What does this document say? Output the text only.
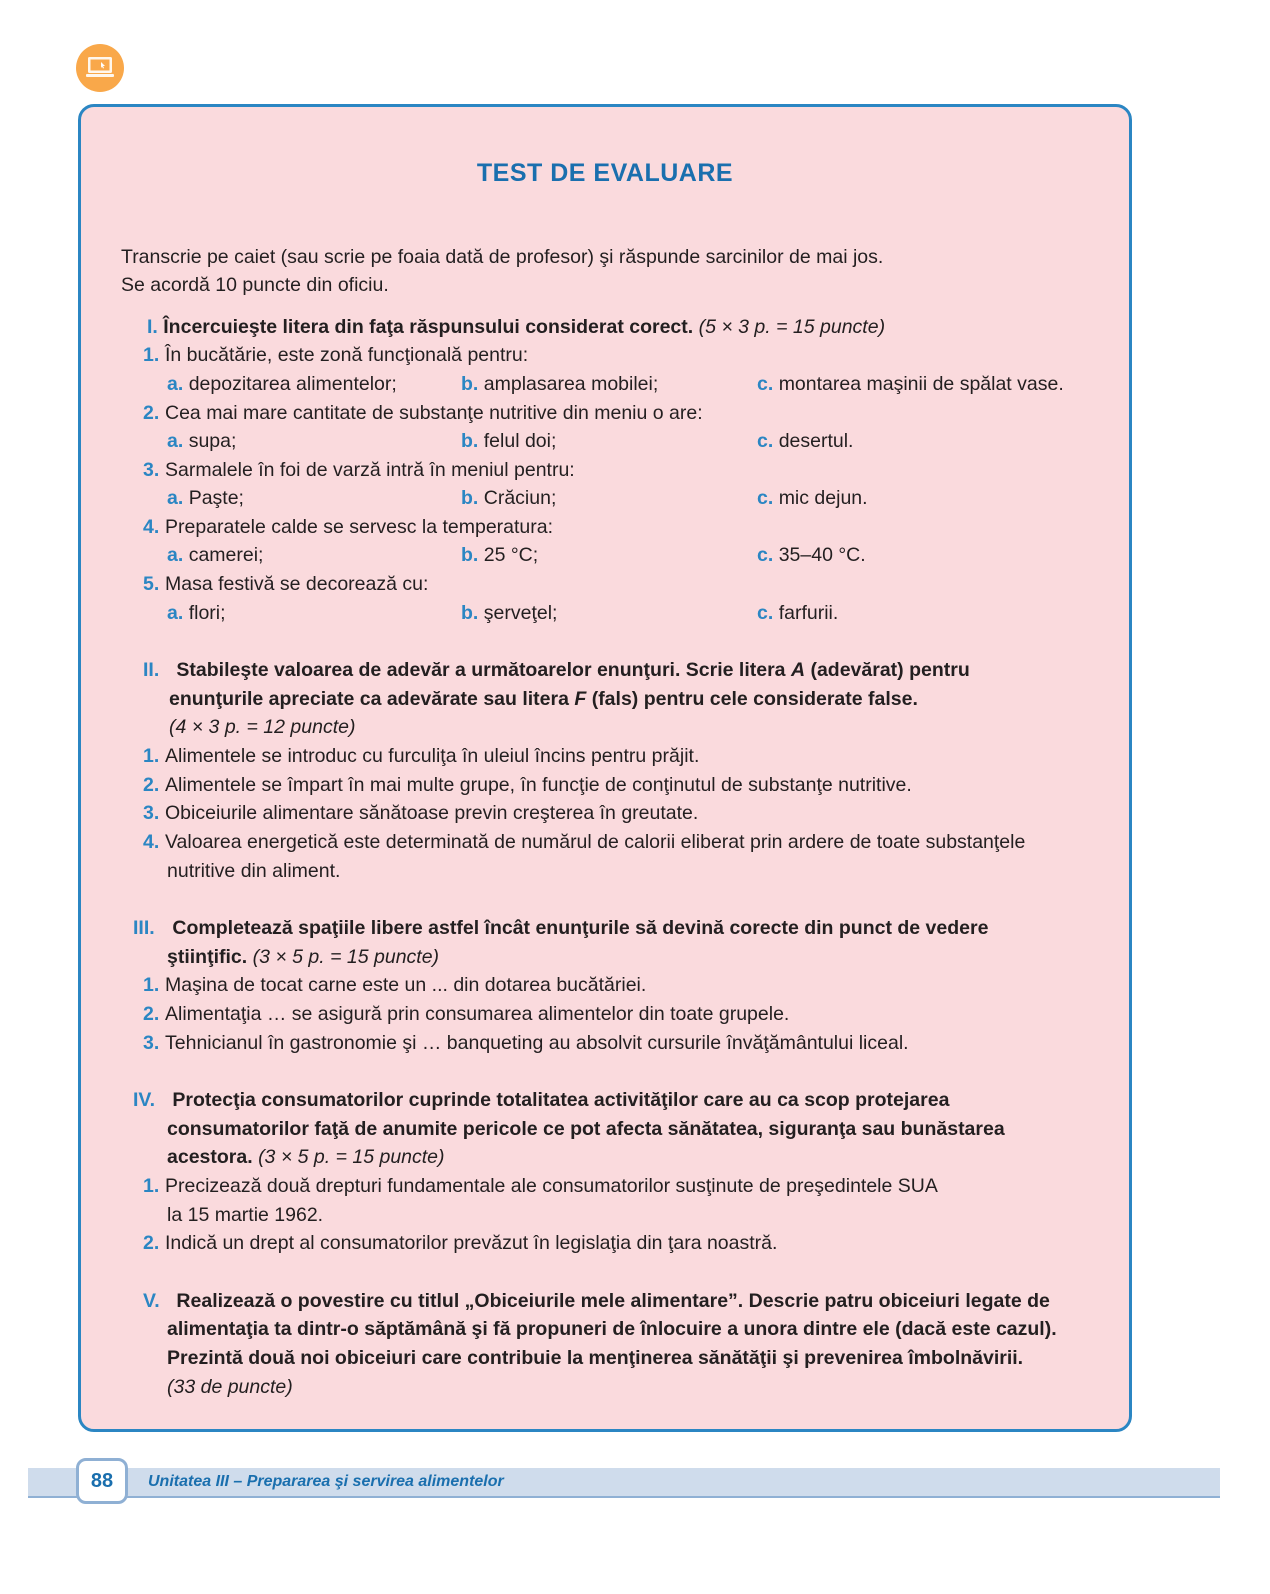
TEST DE EVALUARE
Transcrie pe caiet (sau scrie pe foaia dată de profesor) şi răspunde sarcinilor de mai jos.
Se acordă 10 puncte din oficiu.
I. Încercuieşte litera din faţa răspunsului considerat corect. (5 × 3 p. = 15 puncte)
1. În bucătărie, este zonă funcţională pentru:
a. depozitarea alimentelor;	b. amplasarea mobilei;	c. montarea maşinii de spălat vase.
2. Cea mai mare cantitate de substanţe nutritive din meniu o are:
a. supa;	b. felul doi;	c. desertul.
3. Sarmalele în foi de varză intră în meniul pentru:
a. Paşte;	b. Crăciun;	c. mic dejun.
4. Preparatele calde se servesc la temperatura:
a. camerei;	b. 25 °C;	c. 35–40 °C.
5. Masa festivă se decorează cu:
a. flori;	b. şerveţel;	c. farfurii.
II. Stabileşte valoarea de adevăr a următoarelor enunţuri. Scrie litera A (adevărat) pentru
enunţurile apreciate ca adevărate sau litera F (fals) pentru cele considerate false.
(4 × 3 p. = 12 puncte)
1. Alimentele se introduc cu furculiţa în uleiul încins pentru prăjit.
2. Alimentele se împart în mai multe grupe, în funcţie de conţinutul de substanţe nutritive.
3. Obiceiurile alimentare sănătoase previn creşterea în greutate.
4. Valoarea energetică este determinată de numărul de calorii eliberat prin ardere de toate substanţele
nutritive din aliment.
III. Completează spaţiile libere astfel încât enunţurile să devină corecte din punct de vedere
ştiinţific. (3 × 5 p. = 15 puncte)
1. Maşina de tocat carne este un ... din dotarea bucătăriei.
2. Alimentaţia … se asigură prin consumarea alimentelor din toate grupele.
3. Tehnicianul în gastronomie şi … banqueting au absolvit cursurile învăţământului liceal.
IV. Protecţia consumatorilor cuprinde totalitatea activităţilor care au ca scop protejarea
consumatorilor faţă de anumite pericole ce pot afecta sănătatea, siguranţa sau bunăstarea
acestora. (3 × 5 p. = 15 puncte)
1. Precizează două drepturi fundamentale ale consumatorilor susţinute de preşedintele SUA
la 15 martie 1962.
2. Indică un drept al consumatorilor prevăzut în legislaţia din ţara noastră.
V. Realizează o povestire cu titlul „Obiceiurile mele alimentare”. Descrie patru obiceiuri legate de
alimentaţia ta dintr-o săptămână şi fă propuneri de înlocuire a unora dintre ele (dacă este cazul).
Prezintă două noi obiceiuri care contribuie la menţinerea sănătăţii şi prevenirea îmbolnăvirii.
(33 de puncte)
88	Unitatea III – Prepararea şi servirea alimentelor
